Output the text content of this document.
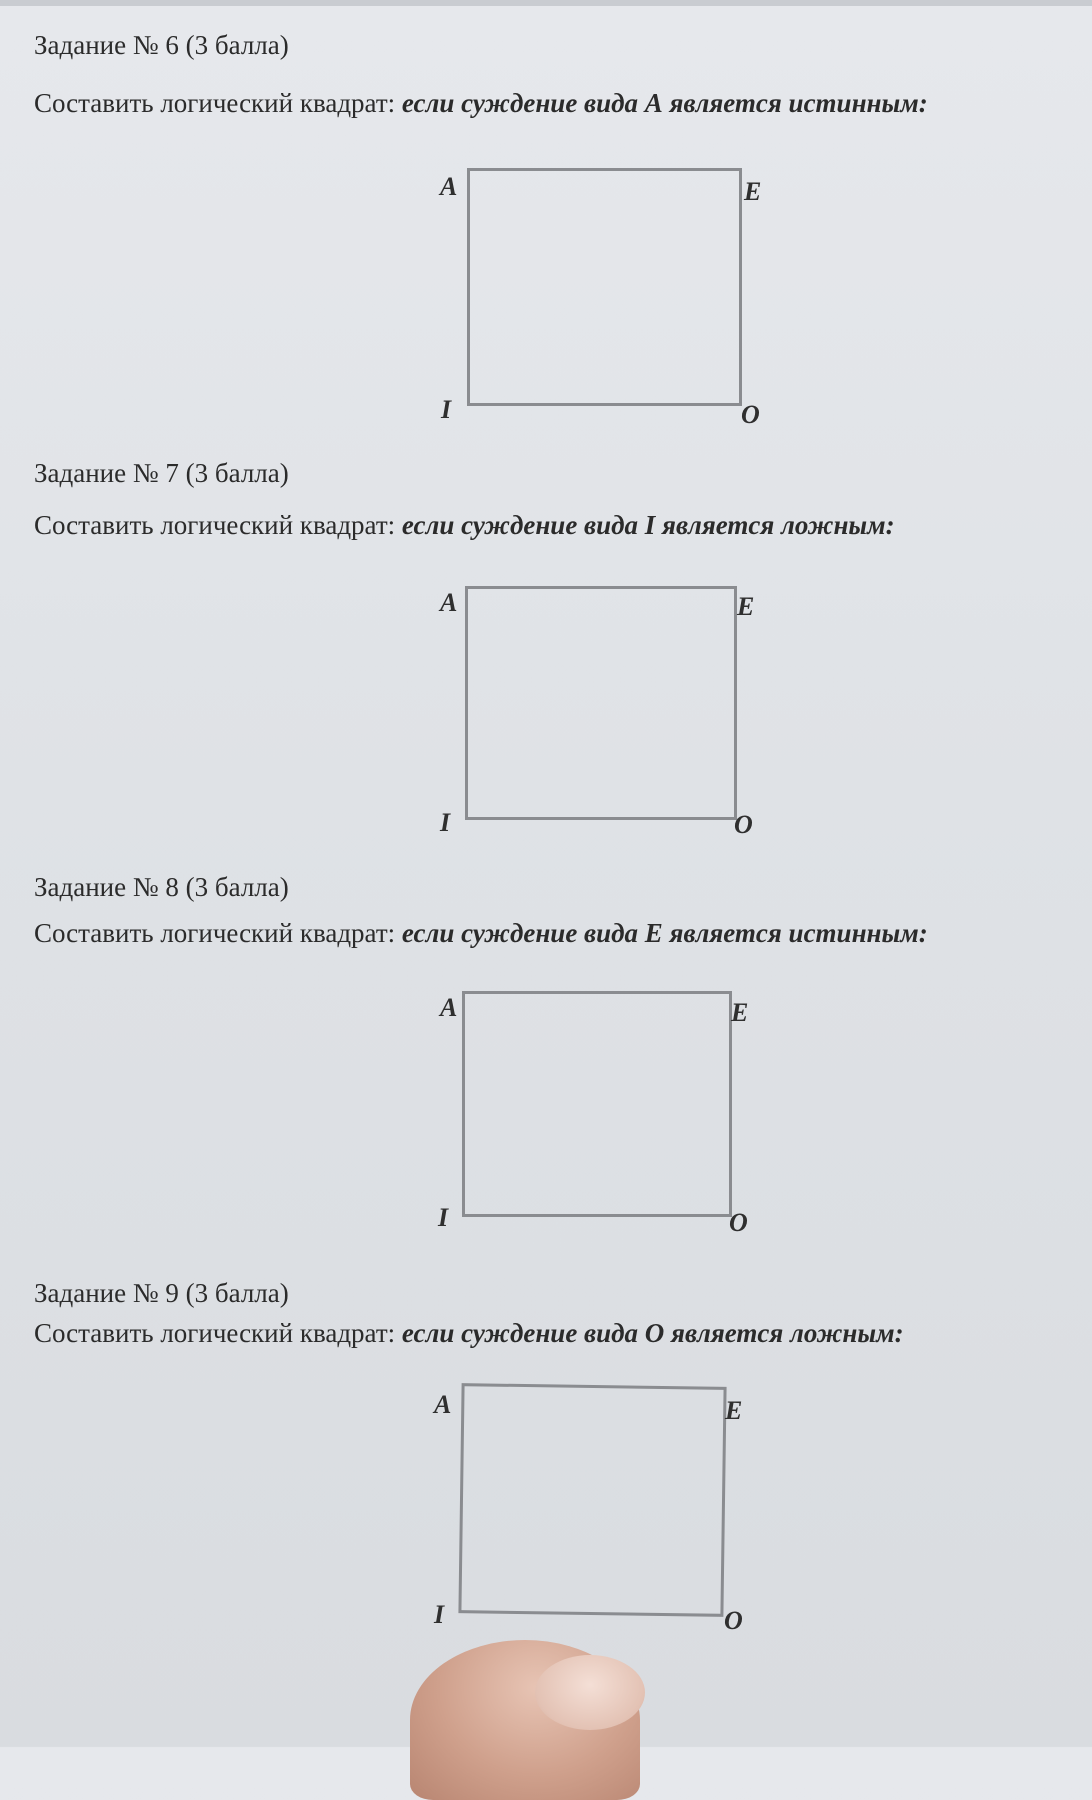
Задание № 6 (3 балла)

Составить логический квадрат: если суждение вида А является истинным:

A	E
I	O
Задание № 7 (3 балла)

Составить логический квадрат: если суждение вида I является ложным:

A	E
I	O
Задание № 8 (3 балла)

Составить логический квадрат: если суждение вида Е является истинным:

A	E
I	O
Задание № 9 (3 балла)

Составить логический квадрат: если суждение вида О является ложным:

A	E
I	O
